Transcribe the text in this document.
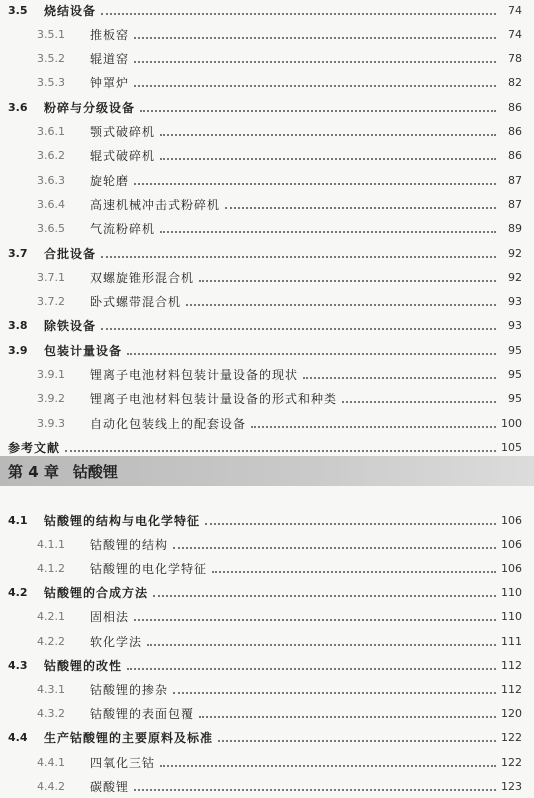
3.5	烧结设备	74
3.5.1	推板窑	74
3.5.2	辊道窑	78
3.5.3	钟罩炉	82
3.6	粉碎与分级设备	86
3.6.1	颚式破碎机	86
3.6.2	辊式破碎机	86
3.6.3	旋轮磨	87
3.6.4	高速机械冲击式粉碎机	87
3.6.5	气流粉碎机	89
3.7	合批设备	92
3.7.1	双螺旋锥形混合机	92
3.7.2	卧式螺带混合机	93
3.8	除铁设备	93
3.9	包装计量设备	95
3.9.1	锂离子电池材料包装计量设备的现状	95
3.9.2	锂离子电池材料包装计量设备的形式和种类	95
3.9.3	自动化包装线上的配套设备	100
参考文献	105
第 4 章 钴酸锂
4.1	钴酸锂的结构与电化学特征	106
4.1.1	钴酸锂的结构	106
4.1.2	钴酸锂的电化学特征	106
4.2	钴酸锂的合成方法	110
4.2.1	固相法	110
4.2.2	软化学法	111
4.3	钴酸锂的改性	112
4.3.1	钴酸锂的掺杂	112
4.3.2	钴酸锂的表面包覆	120
4.4	生产钴酸锂的主要原料及标准	122
4.4.1	四氧化三钴	122
4.4.2	碳酸锂	123
